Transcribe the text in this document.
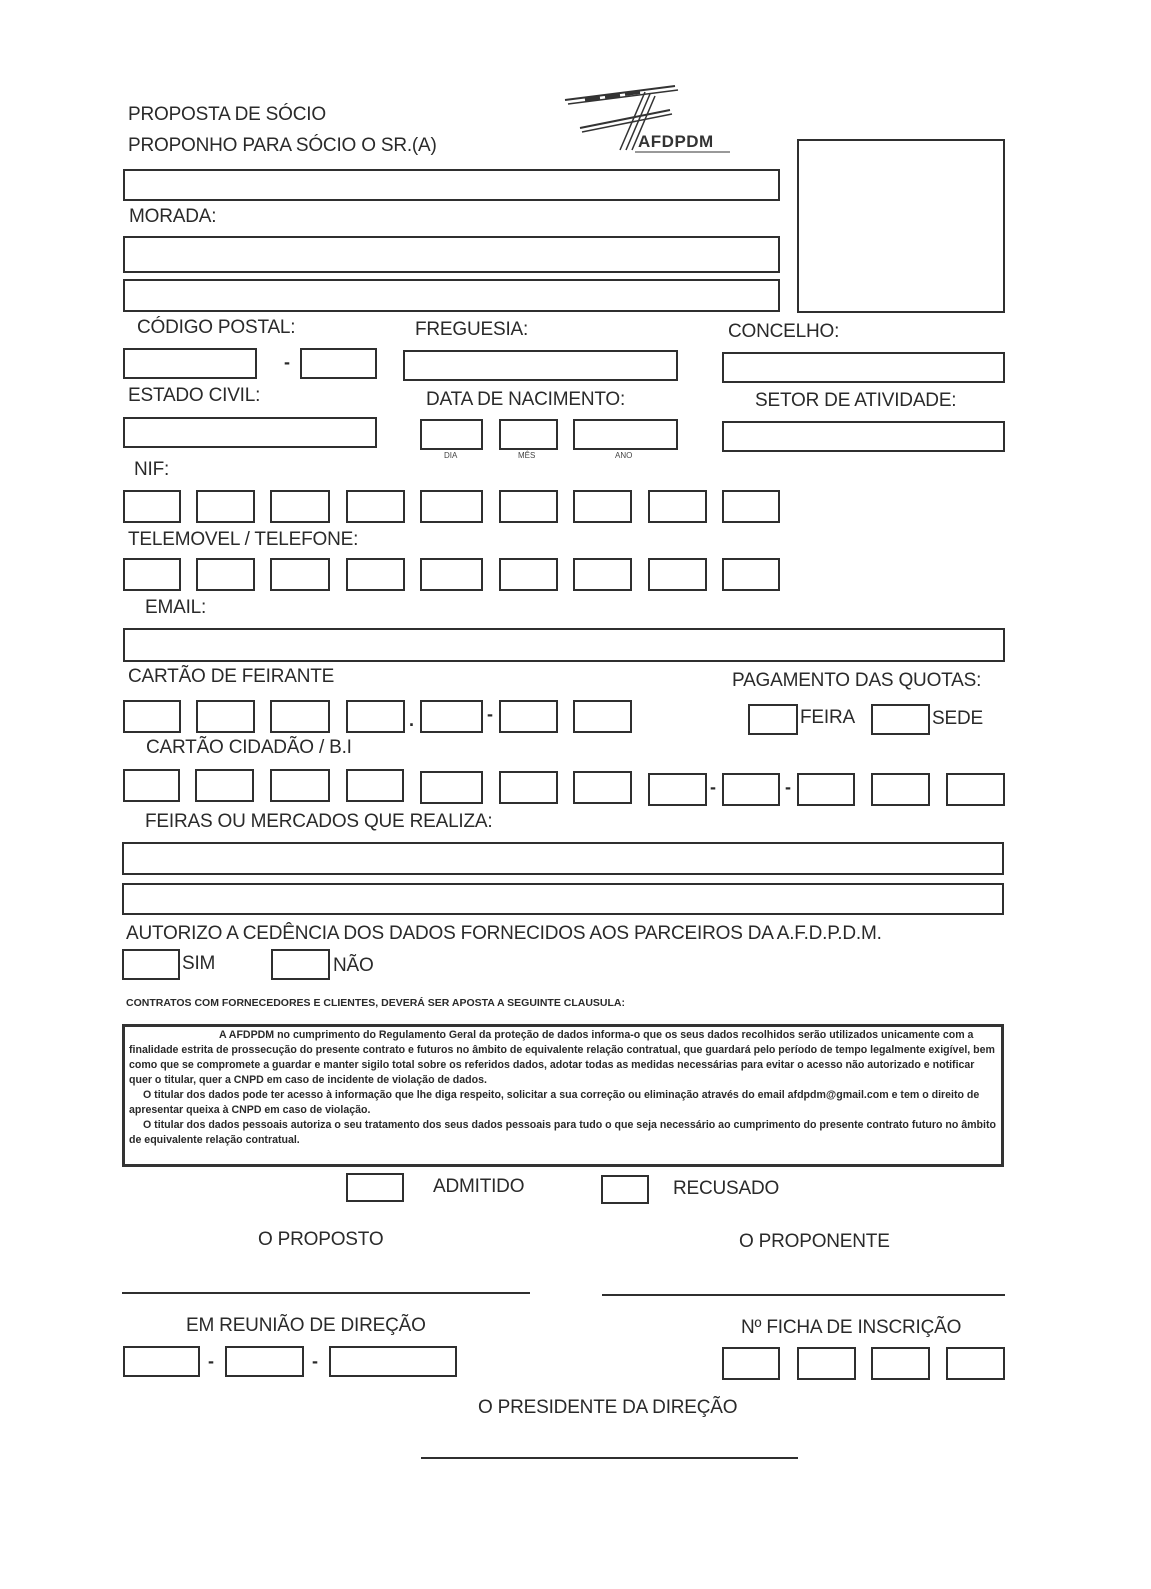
PROPOSTA DE SÓCIO
PROPONHO PARA SÓCIO O SR.(A)	AFDPDM
MORADA:
CÓDIGO POSTAL:	FREGUESIA:	CONCELHO:
-
ESTADO CIVIL:	DATA DE NACIMENTO:	SETOR DE ATIVIDADE:
DIA	MÊS	ANO
NIF:
TELEMOVEL / TELEFONE:
EMAIL:
CARTÃO DE FEIRANTE	PAGAMENTO DAS QUOTAS:
.	-	FEIRA	SEDE
CARTÃO CIDADÃO / B.I
-	-
FEIRAS OU MERCADOS QUE REALIZA:
AUTORIZO A CEDÊNCIA DOS DADOS FORNECIDOS AOS PARCEIROS DA A.F.D.P.D.M.
SIM	NÃO
CONTRATOS COM FORNECEDORES E CLIENTES, DEVERÁ SER APOSTA A SEGUINTE CLAUSULA:

A AFDPDM no cumprimento do Regulamento Geral da proteção de dados informa-o que os seus dados recolhidos serão utilizados unicamente com a finalidade estrita de prossecução do presente contrato e futuros no âmbito de equivalente relação contratual, que guardará pelo período de tempo legalmente exigível, bem como que se compromete a guardar e manter sigilo total sobre os referidos dados, adotar todas as medidas necessárias para evitar o acesso não autorizado e notificar quer o titular, quer a CNPD em caso de incidente de violação de dados.

O titular dos dados pode ter acesso à informação que lhe diga respeito, solicitar a sua correção ou eliminação através do email afdpdm@gmail.com e tem o direito de apresentar queixa à CNPD em caso de violação.

O titular dos dados pessoais autoriza o seu tratamento dos seus dados pessoais para tudo o que seja necessário ao cumprimento do presente contrato futuro no âmbito de equivalente relação contratual.

ADMITIDO	RECUSADO
O PROPOSTO	O PROPONENTE
EM REUNIÃO DE DIREÇÃO	Nº FICHA DE INSCRIÇÃO
-	-
O PRESIDENTE DA DIREÇÃO
